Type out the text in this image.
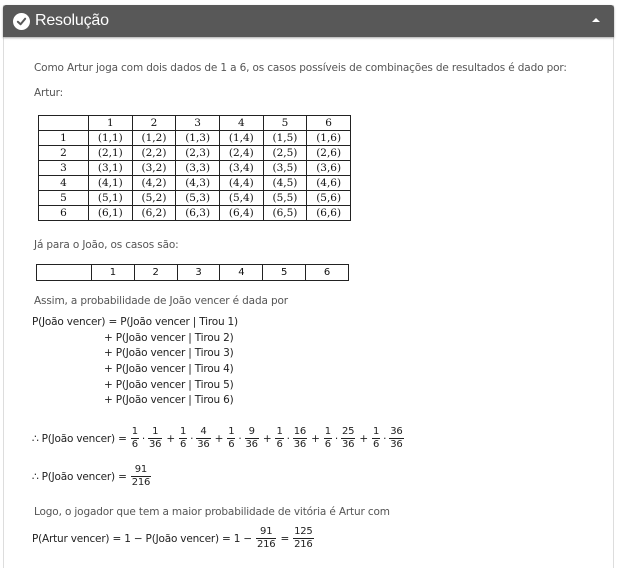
Resolução
Como Artur joga com dois dados de 1 a 6, os casos possíveis de combinações de resultados é dado por:
Artur:
	1	2	3	4	5	6
1	(1,1)	(1,2)	(1,3)	(1,4)	(1,5)	(1,6)
2	(2,1)	(2,2)	(2,3)	(2,4)	(2,5)	(2,6)
3	(3,1)	(3,2)	(3,3)	(3,4)	(3,5)	(3,6)
4	(4,1)	(4,2)	(4,3)	(4,4)	(4,5)	(4,6)
5	(5,1)	(5,2)	(5,3)	(5,4)	(5,5)	(5,6)
6	(6,1)	(6,2)	(6,3)	(6,4)	(6,5)	(6,6)
Já para o João, os casos são:
	1	2	3	4	5	6
Assim, a probabilidade de João vencer é dada por
P(João vencer) = P(João vencer | Tirou 1)
+ P(João vencer | Tirou 2)
+ P(João vencer | Tirou 3)
+ P(João vencer | Tirou 4)
+ P(João vencer | Tirou 5)
+ P(João vencer | Tirou 6)
∴ P(João vencer) = $\frac{1}{6} \cdot \frac{1}{36} + \frac{1}{6} \cdot \frac{4}{36} + \frac{1}{6} \cdot \frac{9}{36} + \frac{1}{6} \cdot \frac{16}{36} + \frac{1}{6} \cdot \frac{25}{36} + \frac{1}{6} \cdot \frac{36}{36}$
∴ P(João vencer) = $\frac{91}{216}$
Logo, o jogador que tem a maior probabilidade de vitória é Artur com
P(Artur vencer) = 1 − P(João vencer) = $1 - \frac{91}{216} = \frac{125}{216}$
